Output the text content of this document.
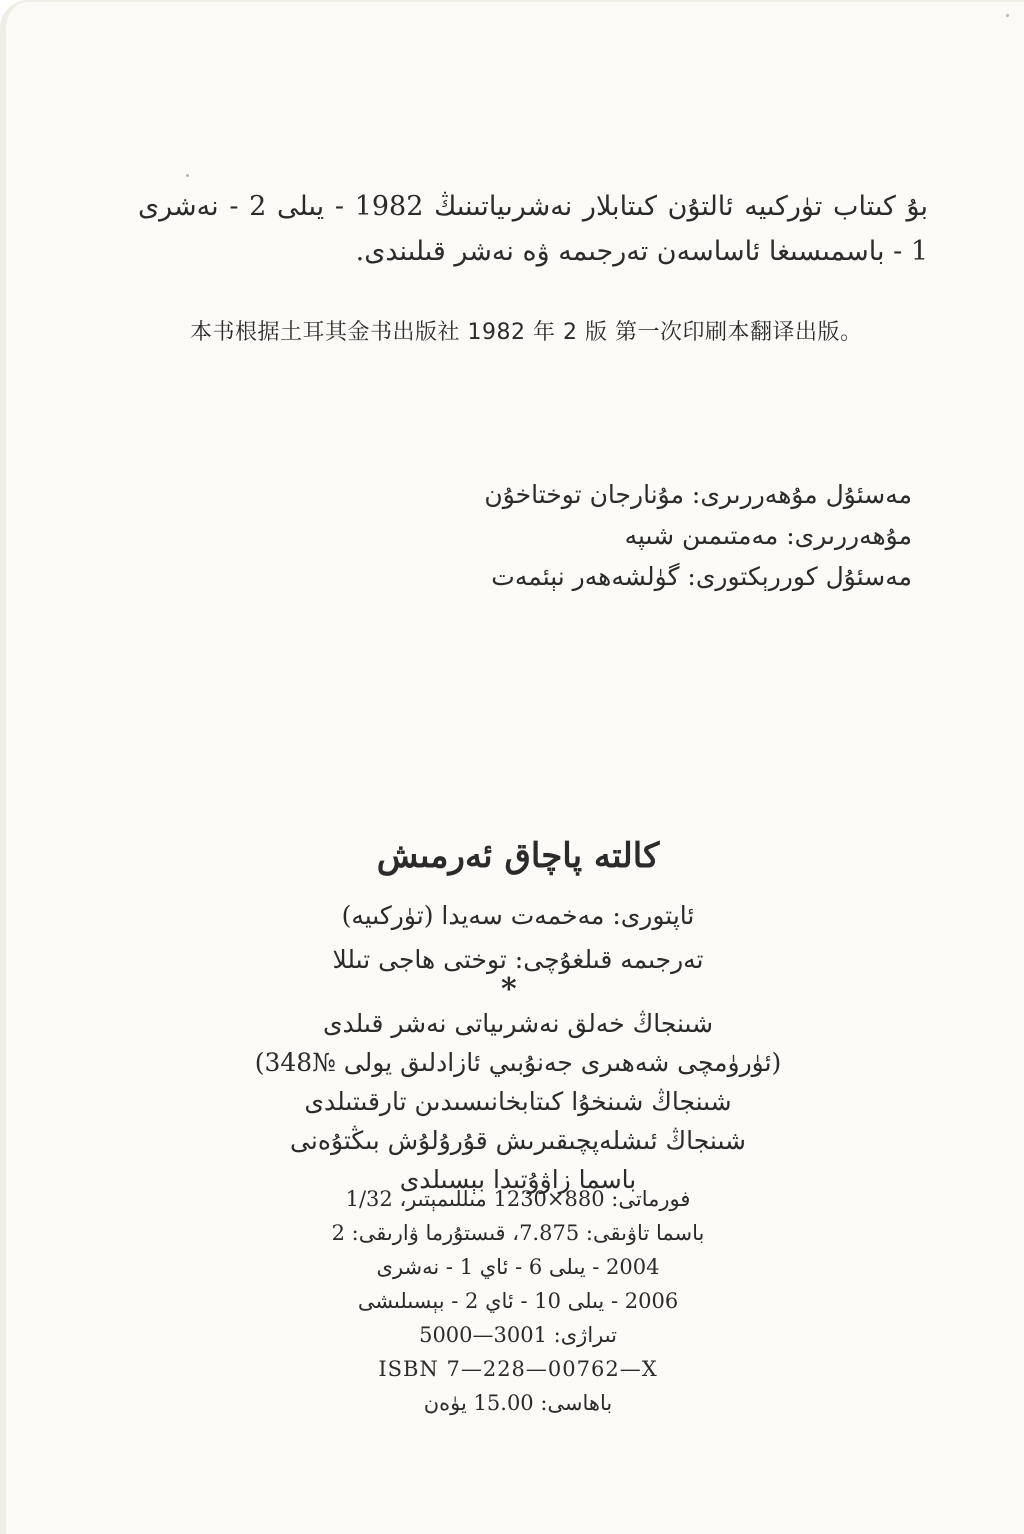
بۇ كىتاب تۈركىيە ئالتۇن كىتابلار نەشرىياتىنىڭ 1982 - يىلى 2 - نەشرى 1 - باسمىسىغا ئاساسەن تەرجىمە ۋە نەشر قىلىندى.
本书根据土耳其金书出版社 1982 年 2 版 第一次印刷本翻译出版。
مەسئۇل مۇھەررىرى: مۇنارجان توختاخۇن
مۇھەررىرى: مەمتىمىن شىپە
مەسئۇل كوررېكتورى: گۈلشەھەر نېئمەت
كالتە پاچاق ئەرمىش
ئاپتورى: مەخمەت سەيدا (تۈركىيە)
تەرجىمە قىلغۇچى: توختى ھاجى تىللا
*
شىنجاڭ خەلق نەشرىياتى نەشر قىلدى
(ئۈرۈمچى شەھىرى جەنۇبىي ئازادلىق يولى №348)
شىنجاڭ شىنخۇا كىتابخانىسىدىن تارقىتىلدى
شىنجاڭ ئىشلەپچىقىرىش قۇرۇلۇش بىڭتۇەنى
باسما زاۋۇتىدا بېسىلدى
فورماتى: 880×1230 مىللىمېتىر، 1/32
باسما تاۋىقى: 7.875، قىستۇرما ۋارىقى: 2
2004 - يىلى 6 - ئاي 1 - نەشرى
2006 - يىلى 10 - ئاي 2 - بېسىلىشى
تىراژى: 3001—5000
ISBN 7—228—00762—X
باھاسى: 15.00 يۈەن
